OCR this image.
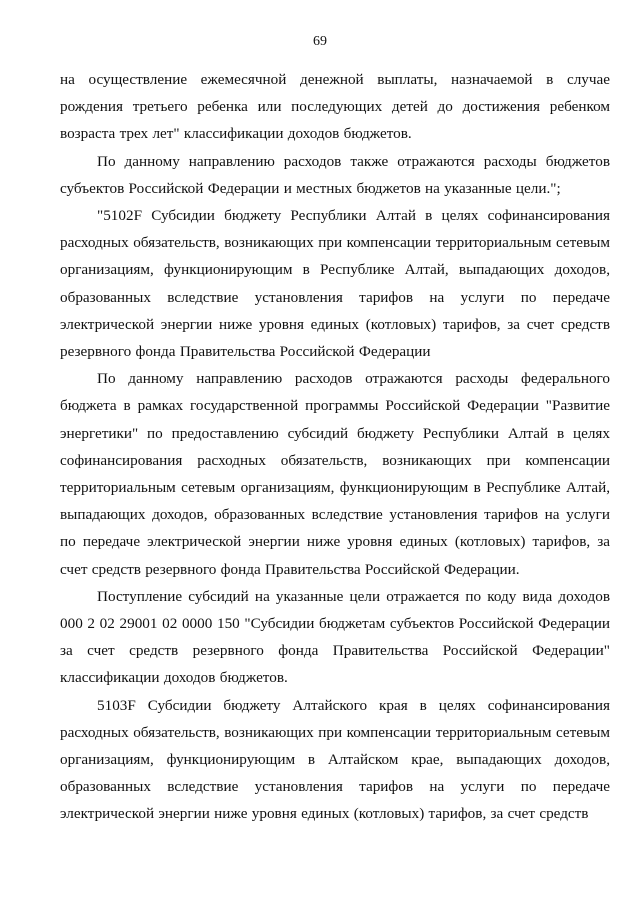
69

на осуществление ежемесячной денежной выплаты, назначаемой в случае рождения третьего ребенка или последующих детей до достижения ребенком возраста трех лет" классификации доходов бюджетов.

По данному направлению расходов также отражаются расходы бюджетов субъектов Российской Федерации и местных бюджетов на указанные цели.";

"5102F Субсидии бюджету Республики Алтай в целях софинансирования расходных обязательств, возникающих при компенсации территориальным сетевым организациям, функционирующим в Республике Алтай, выпадающих доходов, образованных вследствие установления тарифов на услуги по передаче электрической энергии ниже уровня единых (котловых) тарифов, за счет средств резервного фонда Правительства Российской Федерации

По данному направлению расходов отражаются расходы федерального бюджета в рамках государственной программы Российской Федерации "Развитие энергетики" по предоставлению субсидий бюджету Республики Алтай в целях софинансирования расходных обязательств, возникающих при компенсации территориальным сетевым организациям, функционирующим в Республике Алтай, выпадающих доходов, образованных вследствие установления тарифов на услуги по передаче электрической энергии ниже уровня единых (котловых) тарифов, за счет средств резервного фонда Правительства Российской Федерации.

Поступление субсидий на указанные цели отражается по коду вида доходов 000 2 02 29001 02 0000 150 "Субсидии бюджетам субъектов Российской Федерации за счет средств резервного фонда Правительства Российской Федерации" классификации доходов бюджетов.

5103F Субсидии бюджету Алтайского края в целях софинансирования расходных обязательств, возникающих при компенсации территориальным сетевым организациям, функционирующим в Алтайском крае, выпадающих доходов, образованных вследствие установления тарифов на услуги по передаче электрической энергии ниже уровня единых (котловых) тарифов, за счет средств
